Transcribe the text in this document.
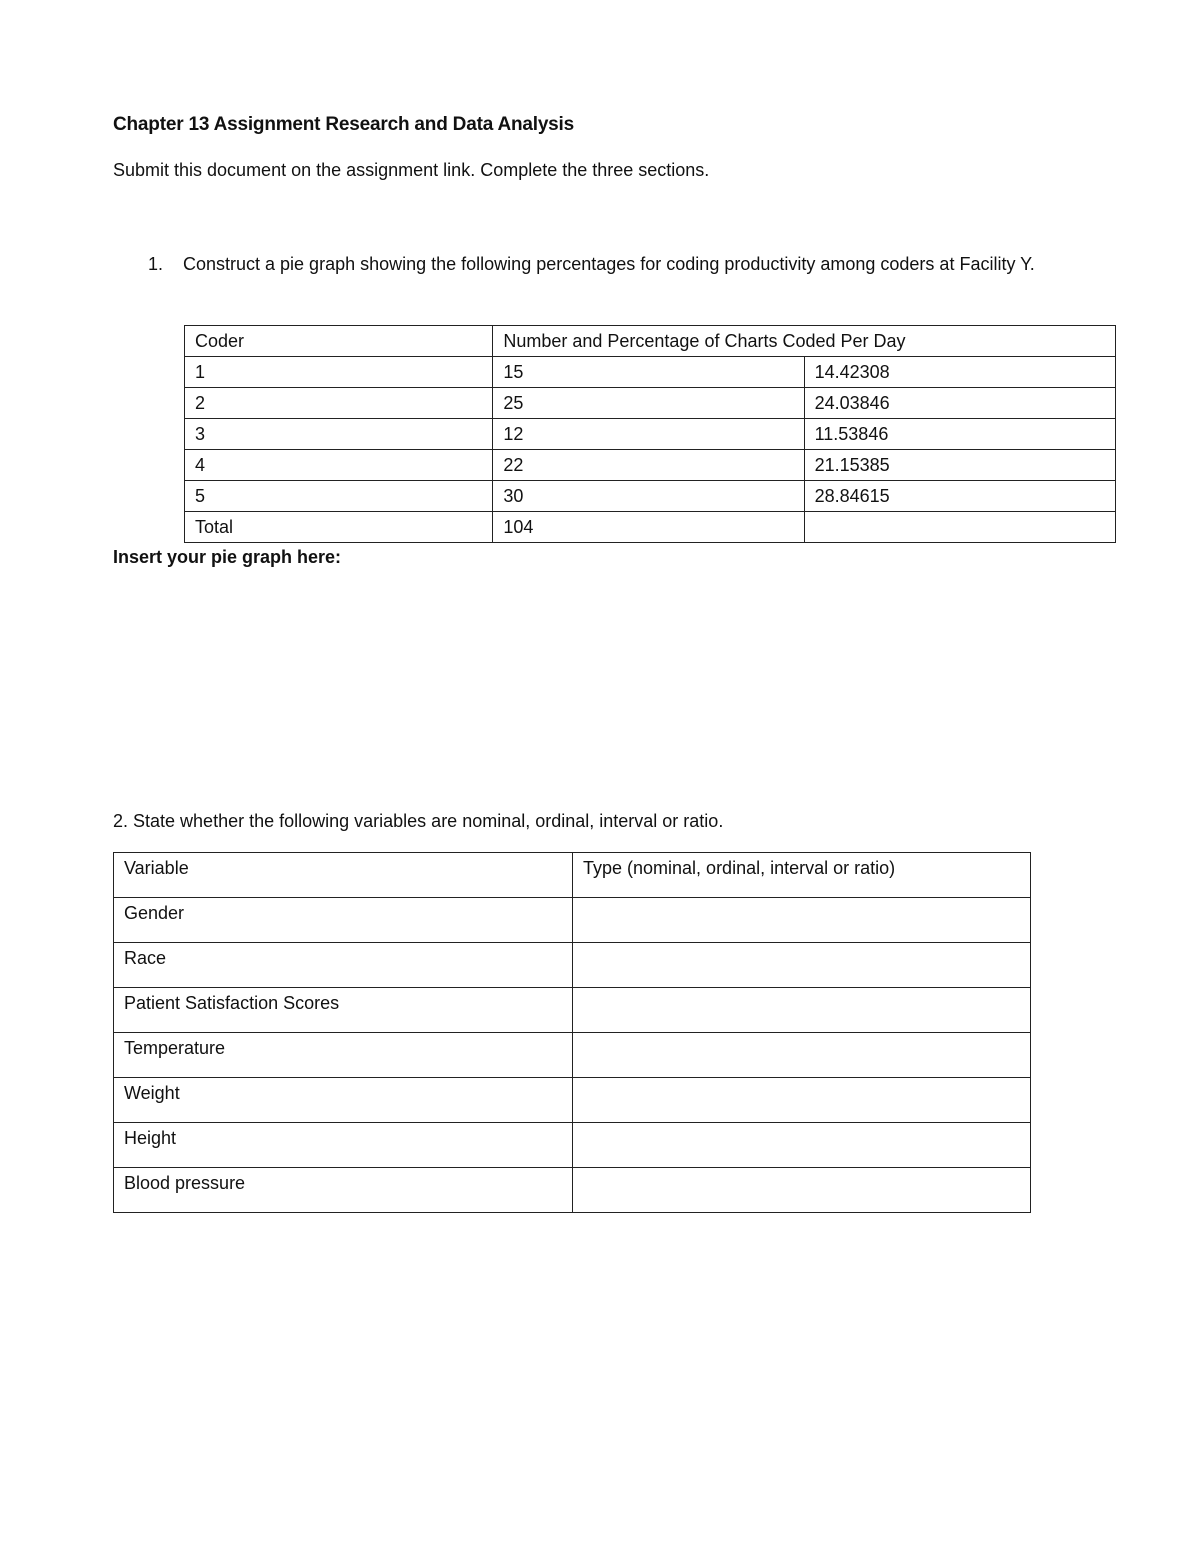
Chapter 13 Assignment Research and Data Analysis
Submit this document on the assignment link. Complete the three sections.
1. Construct a pie graph showing the following percentages for coding productivity among coders at Facility Y.
Coder	Number and Percentage of Charts Coded Per Day	
1	15	14.42308
2	25	24.03846
3	12	11.53846
4	22	21.15385
5	30	28.84615
Total	104	
Insert your pie graph here:
2. State whether the following variables are nominal, ordinal, interval or ratio.
Variable	Type (nominal, ordinal, interval or ratio)
Gender	
Race	
Patient Satisfaction Scores	
Temperature	
Weight	
Height	
Blood pressure	
